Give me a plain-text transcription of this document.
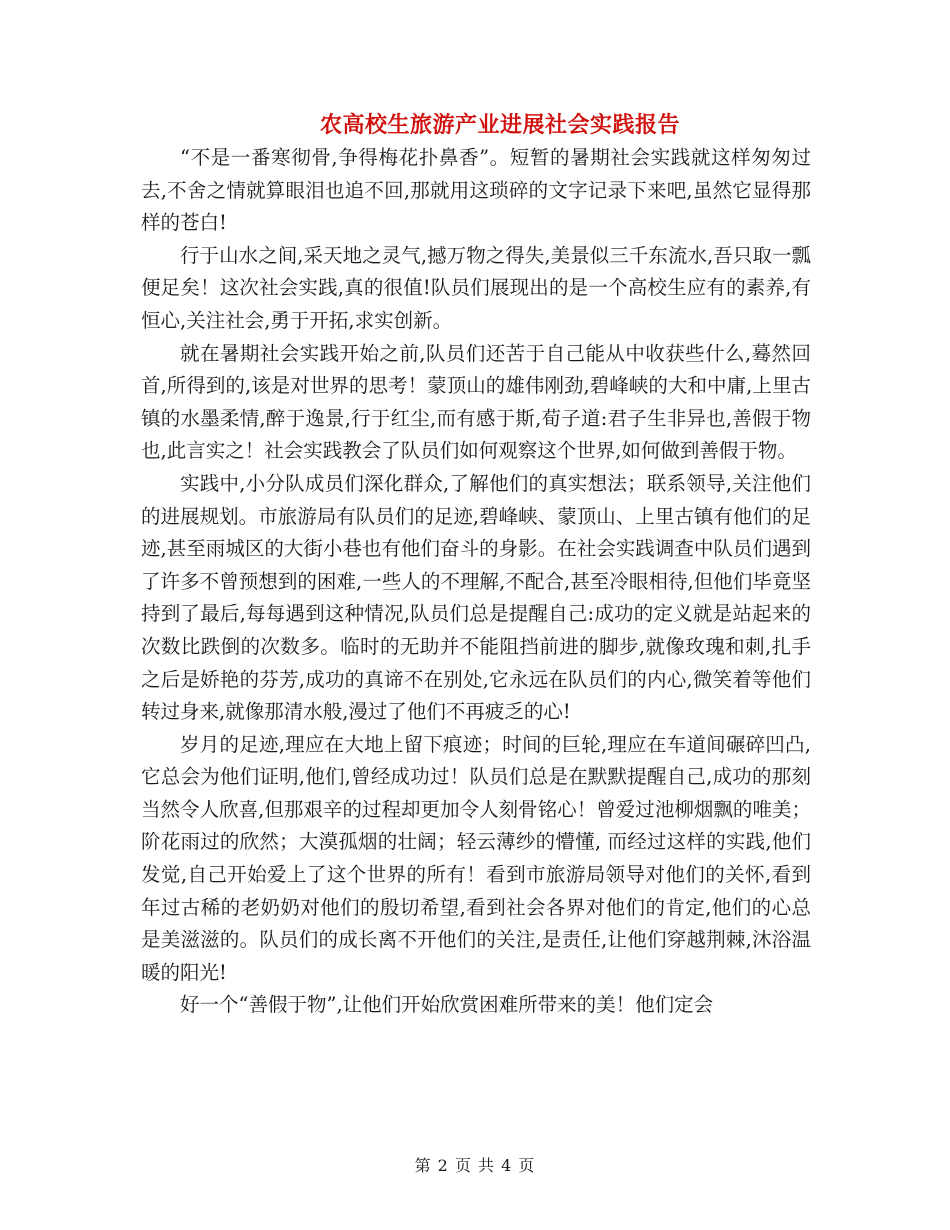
农高校生旅游产业进展社会实践报告

“不是一番寒彻骨,争得梅花扑鼻香”。短暂的暑期社会实践就这样匆匆过去,不舍之情就算眼泪也追不回,那就用这琐碎的文字记录下来吧,虽然它显得那样的苍白!

行于山水之间,采天地之灵气,撼万物之得失,美景似三千东流水,吾只取一瓢便足矣！这次社会实践,真的很值!队员们展现出的是一个高校生应有的素养,有恒心,关注社会,勇于开拓,求实创新。

就在暑期社会实践开始之前,队员们还苦于自己能从中收获些什么,蓦然回首,所得到的,该是对世界的思考！蒙顶山的雄伟刚劲,碧峰峡的大和中庸,上里古镇的水墨柔情,醉于逸景,行于红尘,而有感于斯,荀子道:君子生非异也,善假于物也,此言实之！社会实践教会了队员们如何观察这个世界,如何做到善假于物。

实践中,小分队成员们深化群众,了解他们的真实想法；联系领导,关注他们的进展规划。市旅游局有队员们的足迹,碧峰峡、蒙顶山、上里古镇有他们的足迹,甚至雨城区的大街小巷也有他们奋斗的身影。在社会实践调查中队员们遇到了许多不曾预想到的困难,一些人的不理解,不配合,甚至冷眼相待,但他们毕竟坚持到了最后,每每遇到这种情况,队员们总是提醒自己:成功的定义就是站起来的次数比跌倒的次数多。临时的无助并不能阻挡前进的脚步,就像玫瑰和刺,扎手之后是娇艳的芬芳,成功的真谛不在别处,它永远在队员们的内心,微笑着等他们转过身来,就像那清水般,漫过了他们不再疲乏的心!

岁月的足迹,理应在大地上留下痕迹；时间的巨轮,理应在车道间碾碎凹凸,它总会为他们证明,他们,曾经成功过！队员们总是在默默提醒自己,成功的那刻当然令人欣喜,但那艰辛的过程却更加令人刻骨铭心！曾爱过池柳烟飘的唯美；阶花雨过的欣然；大漠孤烟的壮阔；轻云薄纱的懵懂, 而经过这样的实践,他们发觉,自己开始爱上了这个世界的所有！看到市旅游局领导对他们的关怀,看到年过古稀的老奶奶对他们的殷切希望,看到社会各界对他们的肯定,他们的心总是美滋滋的。队员们的成长离不开他们的关注,是责任,让他们穿越荆棘,沐浴温暖的阳光!

好一个“善假于物”,让他们开始欣赏困难所带来的美！他们定会

第 2 页 共 4 页
